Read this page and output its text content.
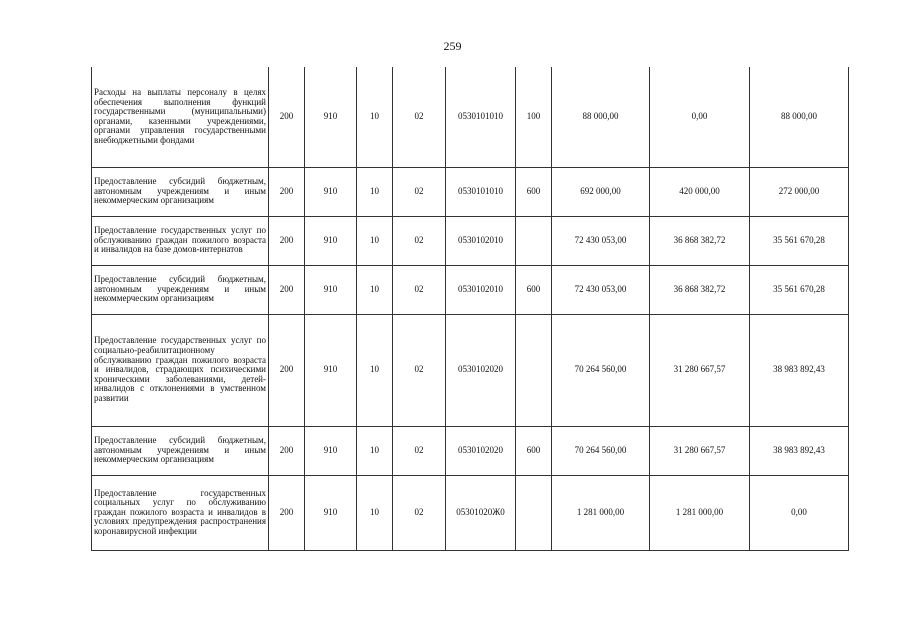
259
Расходы на выплаты персоналу в целях обеспечения выполнения функций государственными (муниципальными) органами, казенными учреждениями, органами управления государственными внебюджетными фондами	200	910	10	02	0530101010	100	88 000,00	0,00	88 000,00
Предоставление субсидий бюджетным, автономным учреждениям и иным некоммерческим организациям	200	910	10	02	0530101010	600	692 000,00	420 000,00	272 000,00
Предоставление государственных услуг по обслуживанию граждан пожилого возраста и инвалидов на базе домов-интернатов	200	910	10	02	0530102010		72 430 053,00	36 868 382,72	35 561 670,28
Предоставление субсидий бюджетным, автономным учреждениям и иным некоммерческим организациям	200	910	10	02	0530102010	600	72 430 053,00	36 868 382,72	35 561 670,28
Предоставление государственных услуг по социально-реабилитационному обслуживанию граждан пожилого возраста и инвалидов, страдающих психическими хроническими заболеваниями, детей-инвалидов с отклонениями в умственном развитии	200	910	10	02	0530102020		70 264 560,00	31 280 667,57	38 983 892,43
Предоставление субсидий бюджетным, автономным учреждениям и иным некоммерческим организациям	200	910	10	02	0530102020	600	70 264 560,00	31 280 667,57	38 983 892,43
Предоставление государственных социальных услуг по обслуживанию граждан пожилого возраста и инвалидов в условиях предупреждения распространения коронавирусной инфекции	200	910	10	02	05301020Ж0		1 281 000,00	1 281 000,00	0,00
